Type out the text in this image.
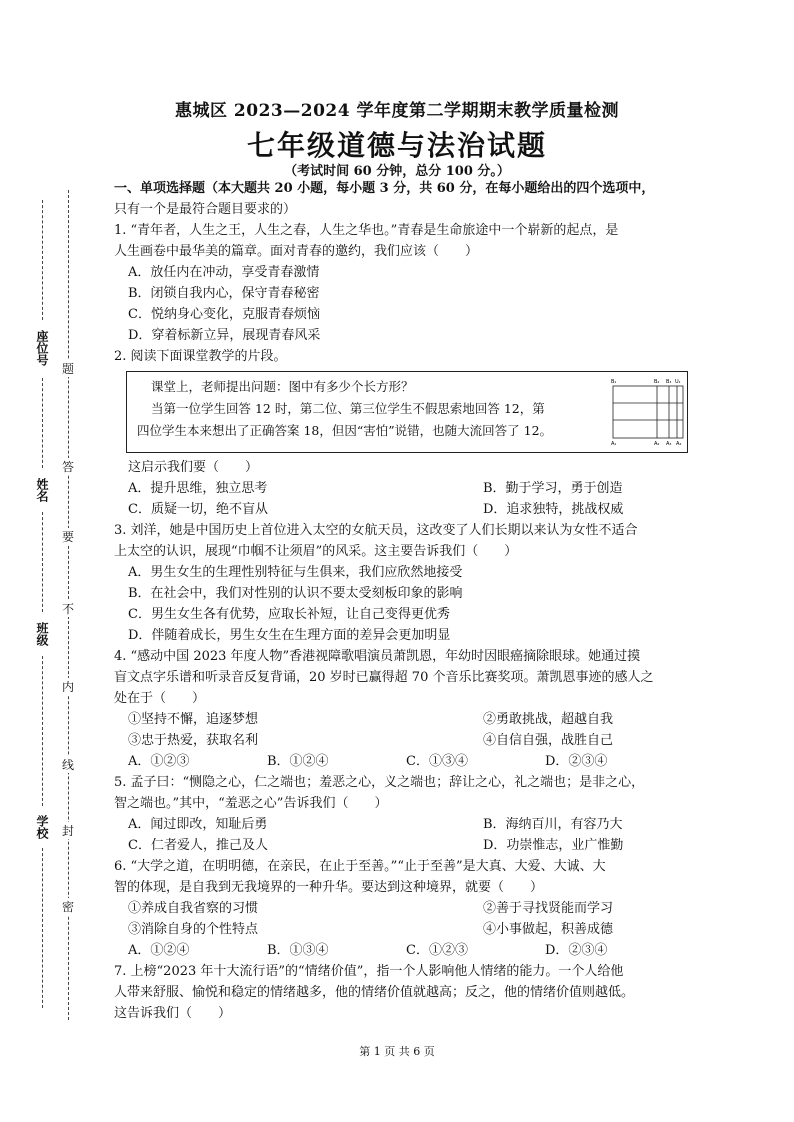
惠城区 2023—2024 学年度第二学期期末教学质量检测
七年级道德与法治试题
（考试时间 60 分钟，总分 100 分。）
座位号
姓名
班级
学校
题
答
要
不
内
线
封
密
一、单项选择题（本大题共 20 小题，每小题 3 分，共 60 分，在每小题给出的四个选项中，
只有一个是最符合题目要求的）
1. “青年者，人生之王，人生之春，人生之华也。”青春是生命旅途中一个崭新的起点，是
人生画卷中最华美的篇章。面对青春的邀约，我们应该（　　）
A．放任内在冲动，享受青春激情
B．闭锁自我内心，保守青春秘密
C．悦纳身心变化，克服青春烦恼
D．穿着标新立异，展现青春风采
2. 阅读下面课堂教学的片段。
课堂上，老师提出问题：图中有多少个长方形？
当第一位学生回答 12 时，第二位、第三位学生不假思索地回答 12，第
四位学生本来想出了正确答案 18，但因“害怕”说错，也随大流回答了 12。
B₁	B₂ B₃ U₁
A₁	A₂ A₃ A₄
这启示我们要（　　）
A．提升思维，独立思考	B．勤于学习，勇于创造
C．质疑一切，绝不盲从	D．追求独特，挑战权威
3. 刘洋，她是中国历史上首位进入太空的女航天员，这改变了人们长期以来认为女性不适合
上太空的认识，展现“巾帼不让须眉”的风采。这主要告诉我们（　　）
A．男生女生的生理性别特征与生俱来，我们应欣然地接受
B．在社会中，我们对性别的认识不要太受刻板印象的影响
C．男生女生各有优势，应取长补短，让自己变得更优秀
D．伴随着成长，男生女生在生理方面的差异会更加明显
4. “感动中国 2023 年度人物”香港视障歌唱演员萧凯恩，年幼时因眼癌摘除眼球。她通过摸
盲文点字乐谱和听录音反复背诵，20 岁时已赢得超 70 个音乐比赛奖项。萧凯恩事迹的感人之
处在于（　　）
①坚持不懈，追逐梦想	②勇敢挑战，超越自我
③忠于热爱，获取名利	④自信自强，战胜自己
A．①②③	B．①②④	C．①③④	D．②③④
5. 孟子曰：“恻隐之心，仁之端也；羞恶之心，义之端也；辞让之心，礼之端也；是非之心，
智之端也。”其中，“羞恶之心”告诉我们（　　）
A．闻过即改，知耻后勇	B．海纳百川，有容乃大
C．仁者爱人，推己及人	D．功崇惟志，业广惟勤
6. “大学之道，在明明德，在亲民，在止于至善。”“止于至善”是大真、大爱、大诚、大
智的体现，是自我到无我境界的一种升华。要达到这种境界，就要（　　）
①养成自我省察的习惯	②善于寻找贤能而学习
③消除自身的个性特点	④小事做起，积善成德
A．①②④	B．①③④	C．①②③	D．②③④
7. 上榜“2023 年十大流行语”的“情绪价值”，指一个人影响他人情绪的能力。一个人给他
人带来舒服、愉悦和稳定的情绪越多，他的情绪价值就越高；反之，他的情绪价值则越低。
这告诉我们（　　）
第 1 页 共 6 页
